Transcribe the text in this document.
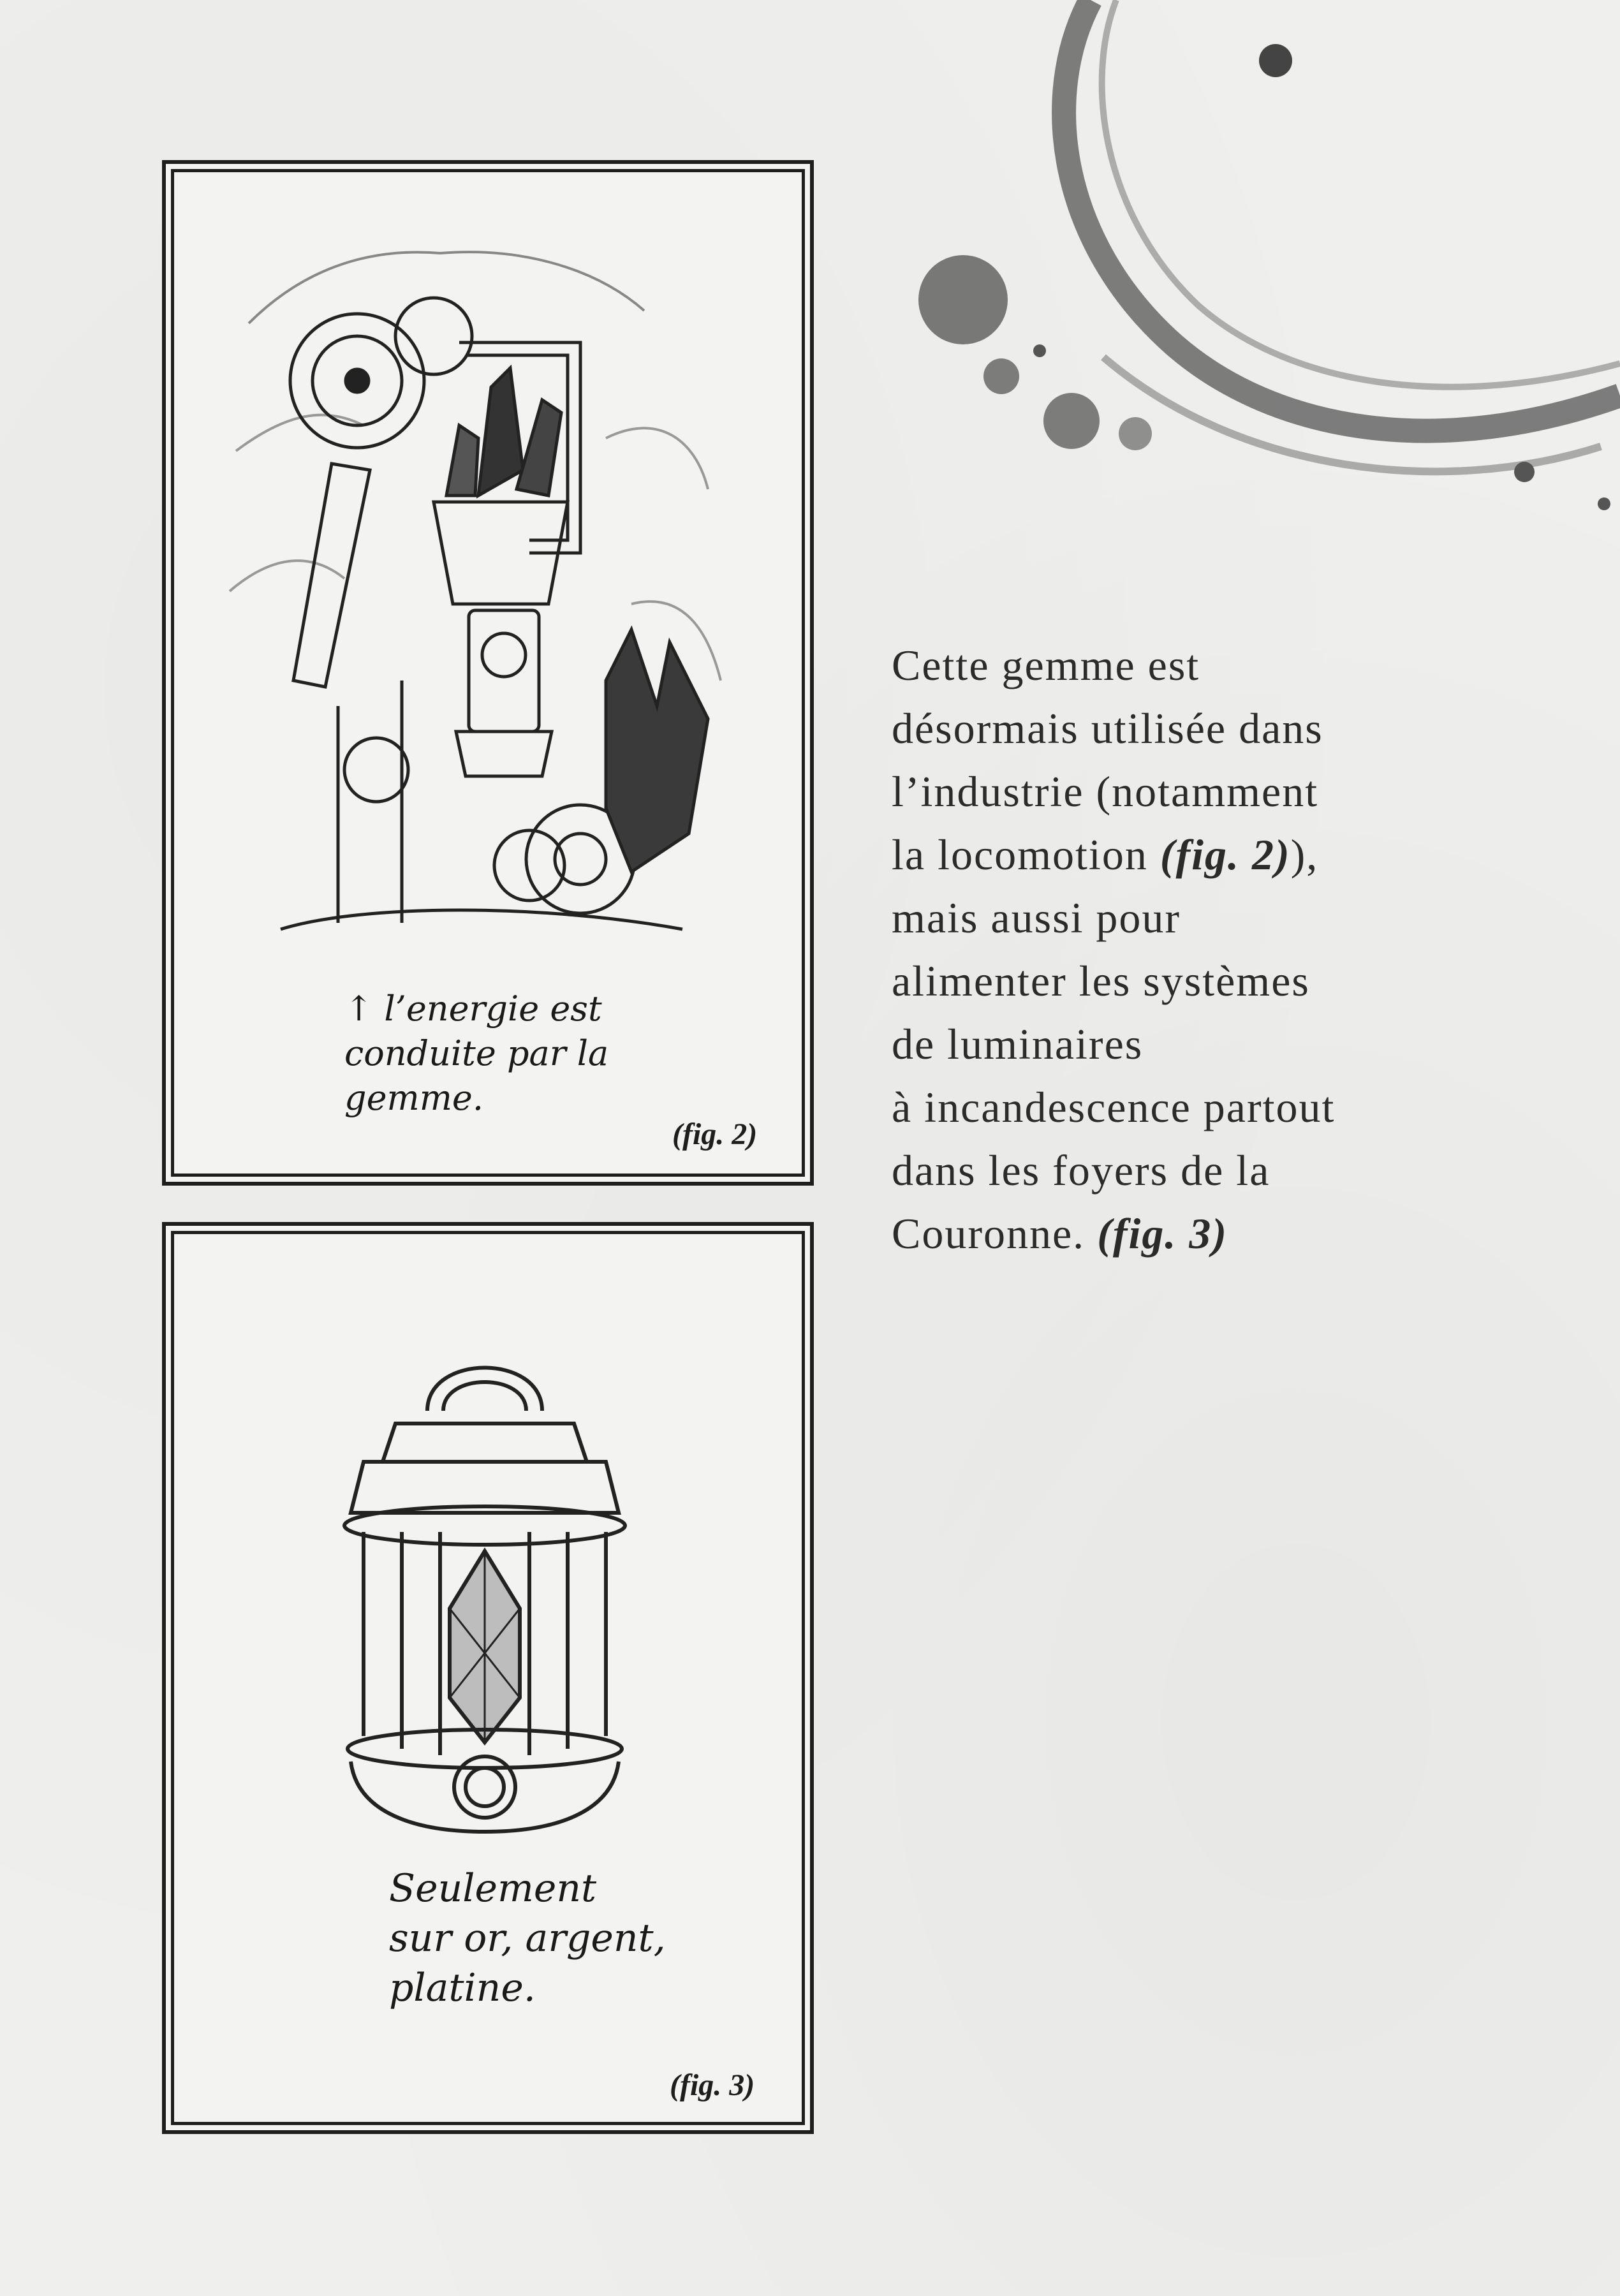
↑ l’energie est
conduite par la
gemme.
(fig. 2)
Seulement
sur or, argent,
platine.
(fig. 3)
Cette gemme est
désormais utilisée dans
l’industrie (notamment
la locomotion (fig. 2)),
mais aussi pour
alimenter les systèmes
de luminaires
à incandescence partout
dans les foyers de la
Couronne. (fig. 3)
